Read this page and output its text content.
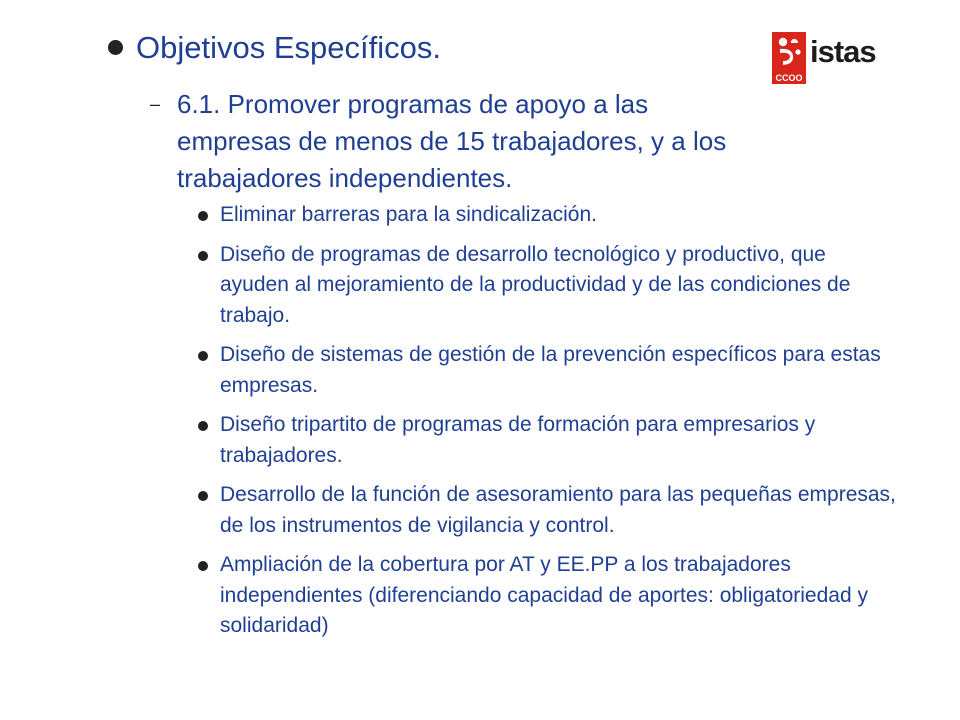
CCOO
istas
Objetivos Específicos.
– 6.1. Promover programas de apoyo a las
empresas de menos de 15 trabajadores, y a los
trabajadores independientes.
Eliminar barreras para la sindicalización.
Diseño de programas de desarrollo tecnológico y productivo, que ayuden al mejoramiento de la productividad y de las condiciones de trabajo.
Diseño de sistemas de gestión de la prevención específicos para estas empresas.
Diseño tripartito de programas de formación para empresarios y trabajadores.
Desarrollo de la función de asesoramiento para las pequeñas empresas, de los instrumentos de vigilancia y control.
Ampliación de la cobertura por AT y EE.PP a los trabajadores independientes (diferenciando capacidad de aportes: obligatoriedad y solidaridad)
